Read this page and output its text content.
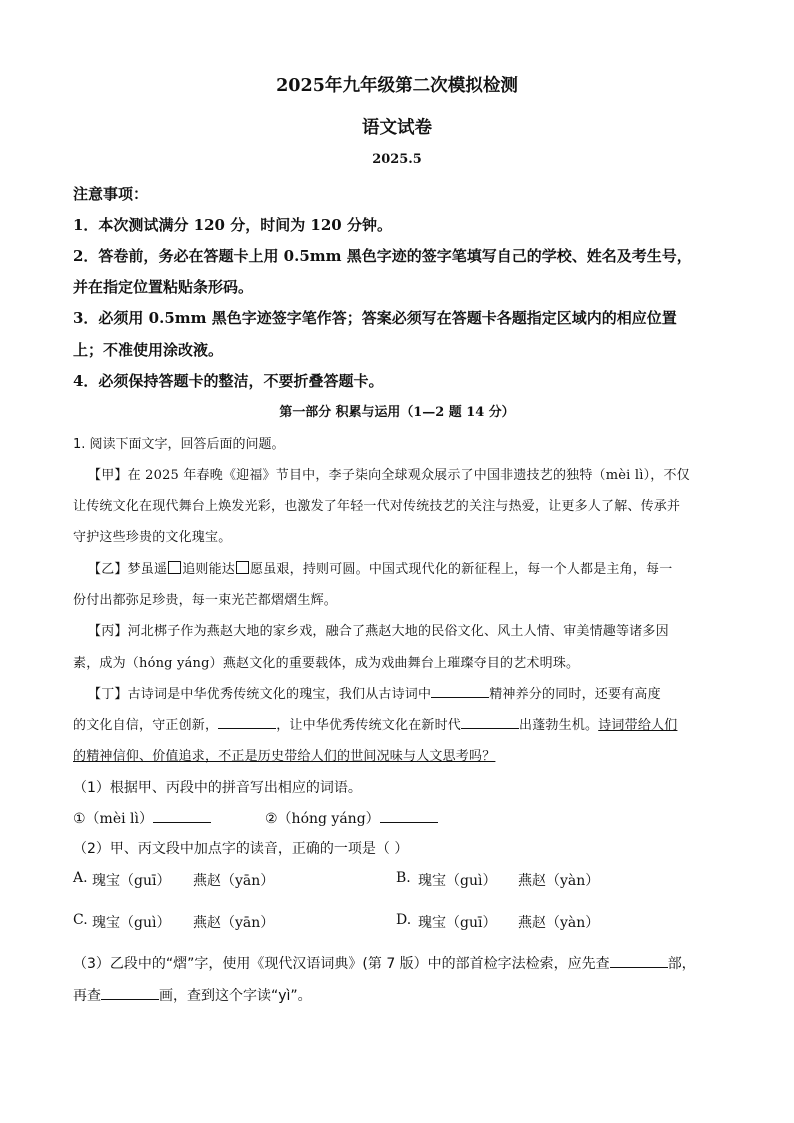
2025年九年级第二次模拟检测
语文试卷
2025.5
注意事项：
1．本次测试满分 120 分，时间为 120 分钟。
2．答卷前，务必在答题卡上用 0.5mm 黑色字迹的签字笔填写自己的学校、姓名及考生号，
并在指定位置粘贴条形码。
3．必须用 0.5mm 黑色字迹签字笔作答；答案必须写在答题卡各题指定区域内的相应位置
上；不准使用涂改液。
4．必须保持答题卡的整洁，不要折叠答题卡。
第一部分 积累与运用（1—2 题 14 分）
1. 阅读下面文字，回答后面的问题。
【甲】在 2025 年春晚《迎福》节目中，李子柒向全球观众展示了中国非遗技艺的独特（mèi lì），不仅
让传统文化在现代舞台上焕发光彩，也激发了年轻一代对传统技艺的关注与热爱，让更多人了解、传承并
守护这些珍贵的文化瑰宝。
【乙】梦虽遥 追则能达 愿虽艰，持则可圆。中国式现代化的新征程上，每一个人都是主角，每一
份付出都弥足珍贵，每一束光芒都熠熠生辉。
【丙】河北梆子作为燕赵大地的家乡戏，融合了燕赵大地的民俗文化、风土人情、审美情趣等诸多因
素，成为（hóng yáng）燕赵文化的重要载体，成为戏曲舞台上璀璨夺目的艺术明珠。
【丁】古诗词是中华优秀传统文化的瑰宝，我们从古诗词中	精神养分的同时，还要有高度
的文化自信，守正创新，	，让中华优秀传统文化在新时代	出蓬勃生机。诗词带给人们
的精神信仰、价值追求，不正是历史带给人们的世间况味与人文思考吗？
（1）根据甲、丙段中的拼音写出相应的词语。
①（mèi lì）	②（hóng yáng）
（2）甲、丙文段中加点字的读音，正确的一项是（ ）
A. 瑰宝（guī） 燕赵（yān）	B. 瑰宝（guì） 燕赵（yàn）
C. 瑰宝（guì） 燕赵（yān）	D. 瑰宝（guī） 燕赵（yàn）
（3）乙段中的“熠”字，使用《现代汉语词典》(第 7 版）中的部首检字法检索，应先查	部，
再查	画，查到这个字读“yì”。
